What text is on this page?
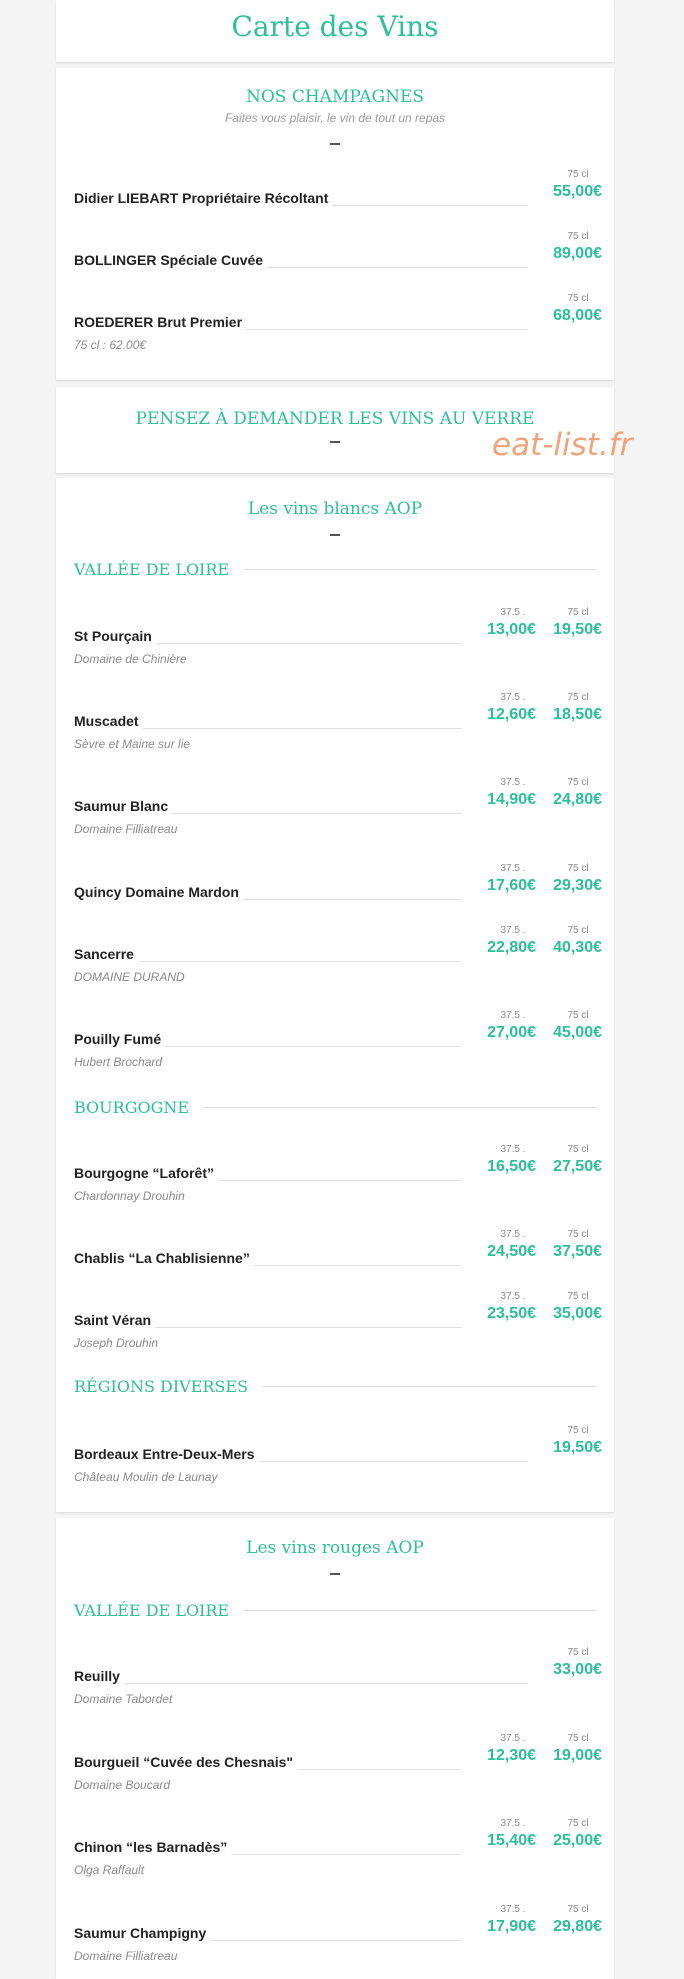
Carte des Vins
NOS CHAMPAGNES
Faites vous plaisir, le vin de tout un repas
Didier LIEBART Propriétaire Récoltant
75 cl
55,00€
BOLLINGER Spéciale Cuvée
75 cl
89,00€
ROEDERER Brut Premier
75 cl : 62.00€
75 cl
68,00€
PENSEZ À DEMANDER LES VINS AU VERRE
eat-list.fr
Les vins blancs AOP
VALLÉE DE LOIRE
St Pourçain
Domaine de Chinière
37.5 .
13,00€
75 cl
19,50€
Muscadet
Sèvre et Maine sur lie
37.5 .
12,60€
75 cl
18,50€
Saumur Blanc
Domaine Filliatreau
37.5 .
14,90€
75 cl
24,80€
Quincy Domaine Mardon
37.5 .
17,60€
75 cl
29,30€
Sancerre
DOMAINE DURAND
37.5 .
22,80€
75 cl
40,30€
Pouilly Fumé
Hubert Brochard
37.5 .
27,00€
75 cl
45,00€
BOURGOGNE
Bourgogne “Laforêt”
Chardonnay Drouhin
37.5 .
16,50€
75 cl
27,50€
Chablis “La Chablisienne”
37.5 .
24,50€
75 cl
37,50€
Saint Véran
Joseph Drouhin
37.5 .
23,50€
75 cl
35,00€
RÉGIONS DIVERSES
Bordeaux Entre-Deux-Mers
Château Moulin de Launay
75 cl
19,50€
Les vins rouges AOP
VALLÉE DE LOIRE
Reuilly
Domaine Tabordet
75 cl
33,00€
Bourgueil “Cuvée des Chesnais"
Domaine Boucard
37.5 .
12,30€
75 cl
19,00€
Chinon “les Barnadès”
Olga Raffault
37.5 .
15,40€
75 cl
25,00€
Saumur Champigny
Domaine Filliatreau
37.5 .
17,90€
75 cl
29,80€
